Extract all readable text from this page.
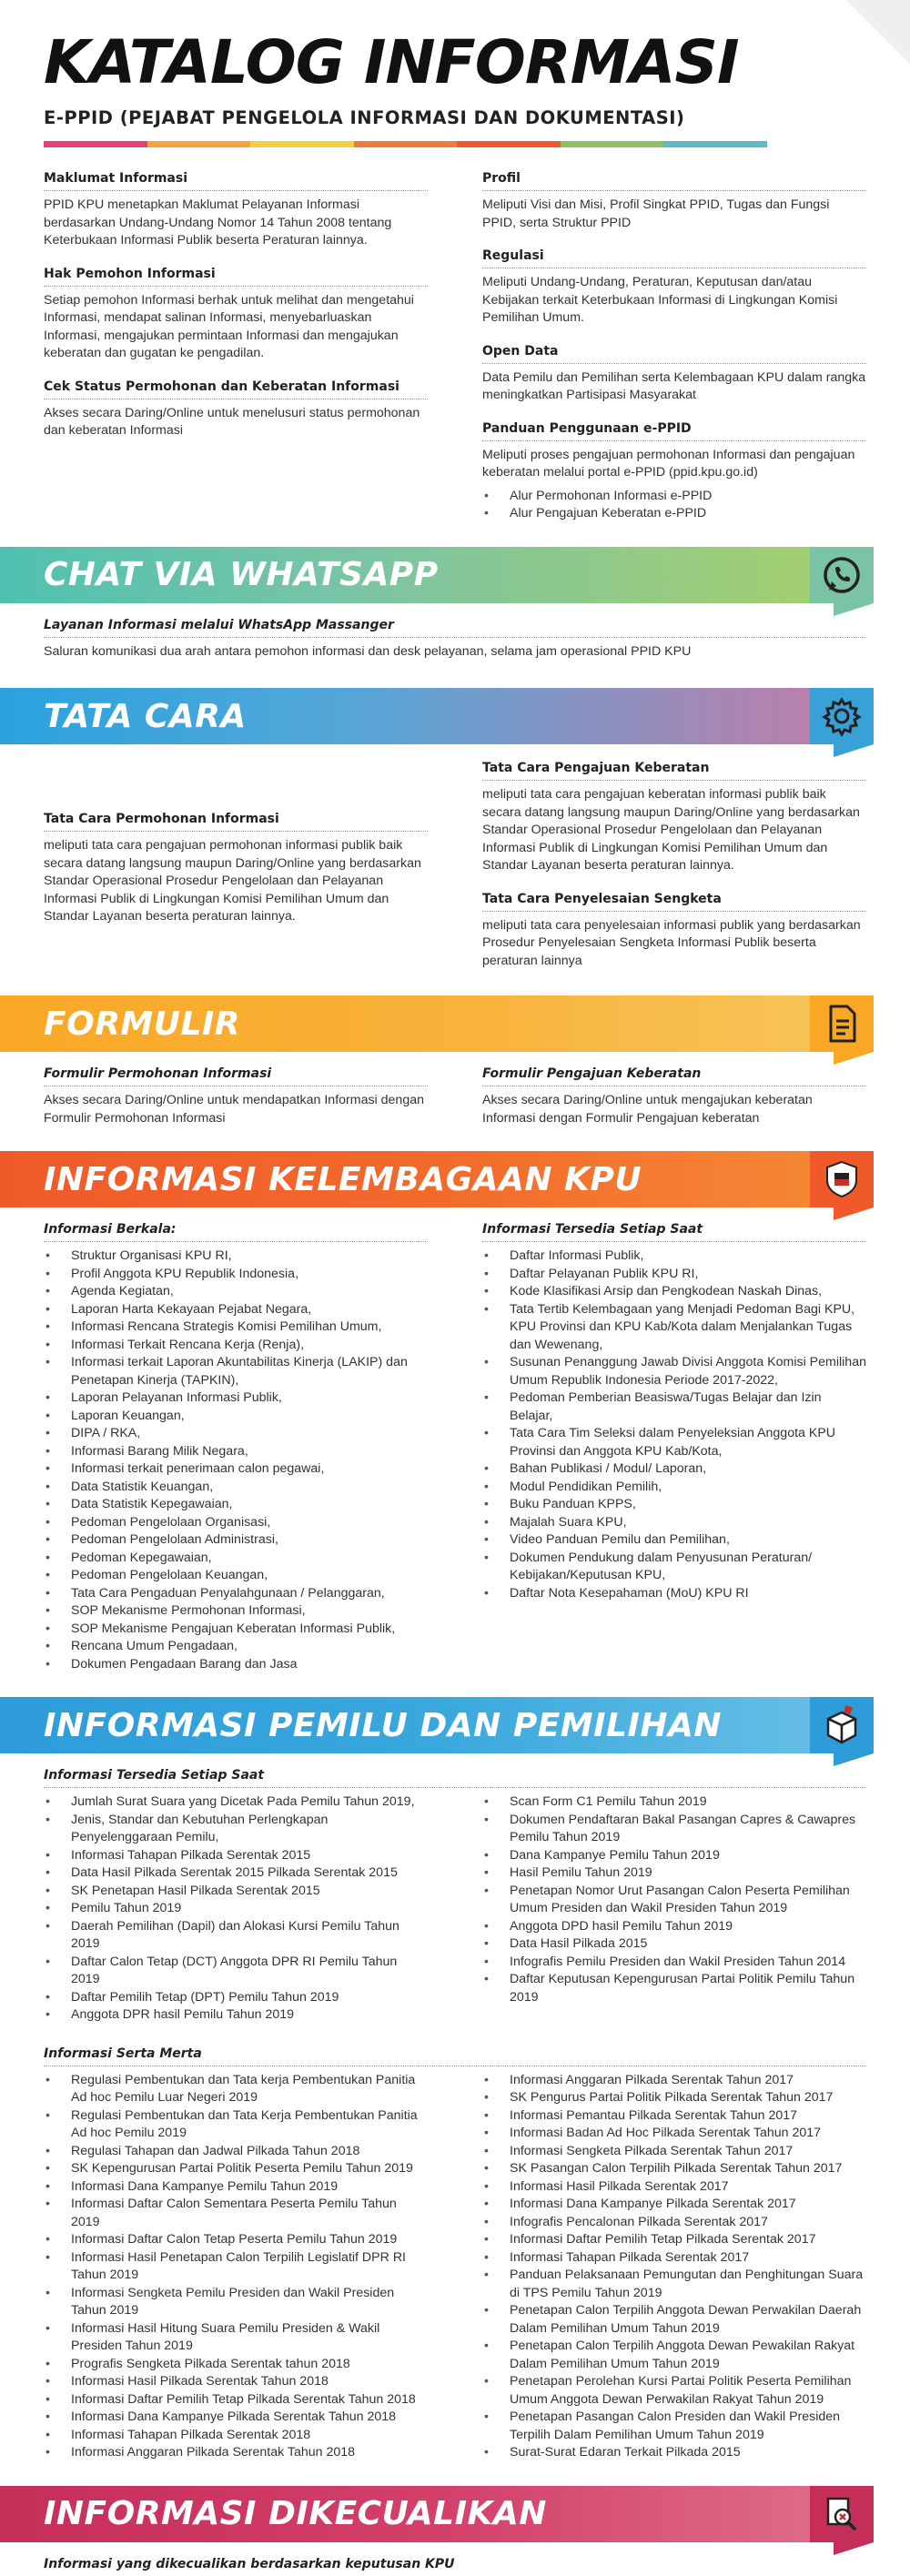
KATALOG INFORMASI
E-PPID (PEJABAT PENGELOLA INFORMASI DAN DOKUMENTASI)
Maklumat Informasi
PPID KPU menetapkan Maklumat Pelayanan Informasi berdasarkan Undang-Undang Nomor 14 Tahun 2008 tentang Keterbukaan Informasi Publik beserta Peraturan lainnya.
Hak Pemohon Informasi
Setiap pemohon Informasi berhak untuk melihat dan mengetahui Informasi, mendapat salinan Informasi, menyebarluaskan Informasi, mengajukan permintaan Informasi dan mengajukan keberatan dan gugatan ke pengadilan.
Cek Status Permohonan dan Keberatan Informasi
Akses secara Daring/Online untuk menelusuri status permohonan dan keberatan Informasi
Profil
Meliputi Visi dan Misi, Profil Singkat PPID, Tugas dan Fungsi PPID, serta Struktur PPID
Regulasi
Meliputi Undang-Undang, Peraturan, Keputusan dan/atau Kebijakan terkait Keterbukaan Informasi di Lingkungan Komisi Pemilihan Umum.
Open Data
Data Pemilu dan Pemilihan serta Kelembagaan KPU dalam rangka meningkatkan Partisipasi Masyarakat
Panduan Penggunaan e-PPID
Meliputi proses pengajuan permohonan Informasi dan pengajuan keberatan melalui portal e-PPID (ppid.kpu.go.id)
• Alur Permohonan Informasi e-PPID
• Alur Pengajuan Keberatan e-PPID
CHAT VIA WHATSAPP
Layanan Informasi melalui WhatsApp Massanger
Saluran komunikasi dua arah antara pemohon informasi dan desk pelayanan, selama jam operasional PPID KPU
TATA CARA
Tata Cara Permohonan Informasi
meliputi tata cara pengajuan permohonan informasi publik baik secara datang langsung maupun Daring/Online yang berdasarkan Standar Operasional Prosedur Pengelolaan dan Pelayanan Informasi Publik di Lingkungan Komisi Pemilihan Umum dan Standar Layanan beserta peraturan lainnya.
Tata Cara Pengajuan Keberatan
meliputi tata cara pengajuan keberatan informasi publik baik secara datang langsung maupun Daring/Online yang berdasarkan Standar Operasional Prosedur Pengelolaan dan Pelayanan Informasi Publik di Lingkungan Komisi Pemilihan Umum dan Standar Layanan beserta peraturan lainnya.
Tata Cara Penyelesaian Sengketa
meliputi tata cara penyelesaian informasi publik yang berdasarkan Prosedur Penyelesaian Sengketa Informasi Publik beserta peraturan lainnya
FORMULIR
Formulir Permohonan Informasi
Akses secara Daring/Online untuk mendapatkan Informasi dengan Formulir Permohonan Informasi
Formulir Pengajuan Keberatan
Akses secara Daring/Online untuk mengajukan keberatan Informasi dengan Formulir Pengajuan keberatan
INFORMASI KELEMBAGAAN KPU
Informasi Berkala:
• Struktur Organisasi KPU RI,
• Profil Anggota KPU Republik Indonesia,
• Agenda Kegiatan,
• Laporan Harta Kekayaan Pejabat Negara,
• Informasi Rencana Strategis Komisi Pemilihan Umum,
• Informasi Terkait Rencana Kerja (Renja),
• Informasi terkait Laporan Akuntabilitas Kinerja (LAKIP) dan Penetapan Kinerja (TAPKIN),
• Laporan Pelayanan Informasi Publik,
• Laporan Keuangan,
• DIPA / RKA,
• Informasi Barang Milik Negara,
• Informasi terkait penerimaan calon pegawai,
• Data Statistik Keuangan,
• Data Statistik Kepegawaian,
• Pedoman Pengelolaan Organisasi,
• Pedoman Pengelolaan Administrasi,
• Pedoman Kepegawaian,
• Pedoman Pengelolaan Keuangan,
• Tata Cara Pengaduan Penyalahgunaan / Pelanggaran,
• SOP Mekanisme Permohonan Informasi,
• SOP Mekanisme Pengajuan Keberatan Informasi Publik,
• Rencana Umum Pengadaan,
• Dokumen Pengadaan Barang dan Jasa
Informasi Tersedia Setiap Saat
• Daftar Informasi Publik,
• Daftar Pelayanan Publik KPU RI,
• Kode Klasifikasi Arsip dan Pengkodean Naskah Dinas,
• Tata Tertib Kelembagaan yang Menjadi Pedoman Bagi KPU, KPU Provinsi dan KPU Kab/Kota dalam Menjalankan Tugas dan Wewenang,
• Susunan Penanggung Jawab Divisi Anggota Komisi Pemilihan Umum Republik Indonesia Periode 2017-2022,
• Pedoman Pemberian Beasiswa/Tugas Belajar dan Izin Belajar,
• Tata Cara Tim Seleksi dalam Penyeleksian Anggota KPU Provinsi dan Anggota KPU Kab/Kota,
• Bahan Publikasi / Modul/ Laporan,
• Modul Pendidikan Pemilih,
• Buku Panduan KPPS,
• Majalah Suara KPU,
• Video Panduan Pemilu dan Pemilihan,
• Dokumen Pendukung dalam Penyusunan Peraturan/ Kebijakan/Keputusan KPU,
• Daftar Nota Kesepahaman (MoU) KPU RI
INFORMASI PEMILU DAN PEMILIHAN
Informasi Tersedia Setiap Saat
• Jumlah Surat Suara yang Dicetak Pada Pemilu Tahun 2019,
• Jenis, Standar dan Kebutuhan Perlengkapan Penyelenggaraan Pemilu,
• Informasi Tahapan Pilkada Serentak 2015
• Data Hasil Pilkada Serentak 2015 Pilkada Serentak 2015
• SK Penetapan Hasil Pilkada Serentak 2015
• Pemilu Tahun 2019
• Daerah Pemilihan (Dapil) dan Alokasi Kursi Pemilu Tahun 2019
• Daftar Calon Tetap (DCT) Anggota DPR RI Pemilu Tahun 2019
• Daftar Pemilih Tetap (DPT) Pemilu Tahun 2019
• Anggota DPR hasil Pemilu Tahun 2019
• Scan Form C1 Pemilu Tahun 2019
• Dokumen Pendaftaran Bakal Pasangan Capres & Cawapres Pemilu Tahun 2019
• Dana Kampanye Pemilu Tahun 2019
• Hasil Pemilu Tahun 2019
• Penetapan Nomor Urut Pasangan Calon Peserta Pemilihan Umum Presiden dan Wakil Presiden Tahun 2019
• Anggota DPD hasil Pemilu Tahun 2019
• Data Hasil Pilkada 2015
• Infografis Pemilu Presiden dan Wakil Presiden Tahun 2014
• Daftar Keputusan Kepengurusan Partai Politik Pemilu Tahun 2019
Informasi Serta Merta
• Regulasi Pembentukan dan Tata kerja Pembentukan Panitia Ad hoc Pemilu Luar Negeri 2019
• Regulasi Pembentukan dan Tata Kerja Pembentukan Panitia Ad hoc Pemilu 2019
• Regulasi Tahapan dan Jadwal Pilkada Tahun 2018
• SK Kepengurusan Partai Politik Peserta Pemilu Tahun 2019
• Informasi Dana Kampanye Pemilu Tahun 2019
• Informasi Daftar Calon Sementara Peserta Pemilu Tahun 2019
• Informasi Daftar Calon Tetap Peserta Pemilu Tahun 2019
• Informasi Hasil Penetapan Calon Terpilih Legislatif DPR RI Tahun 2019
• Informasi Sengketa Pemilu Presiden dan Wakil Presiden Tahun 2019
• Informasi Hasil Hitung Suara Pemilu Presiden & Wakil Presiden Tahun 2019
• Prografis Sengketa Pilkada Serentak tahun 2018
• Informasi Hasil Pilkada Serentak Tahun 2018
• Informasi Daftar Pemilih Tetap Pilkada Serentak Tahun 2018
• Informasi Dana Kampanye Pilkada Serentak Tahun 2018
• Informasi Tahapan Pilkada Serentak 2018
• Informasi Anggaran Pilkada Serentak Tahun 2018
• Informasi Anggaran Pilkada Serentak Tahun 2017
• SK Pengurus Partai Politik Pilkada Serentak Tahun 2017
• Informasi Pemantau Pilkada Serentak Tahun 2017
• Informasi Badan Ad Hoc Pilkada Serentak Tahun 2017
• Informasi Sengketa Pilkada Serentak Tahun 2017
• SK Pasangan Calon Terpilih Pilkada Serentak Tahun 2017
• Informasi Hasil Pilkada Serentak 2017
• Informasi Dana Kampanye Pilkada Serentak 2017
• Infografis Pencalonan Pilkada Serentak 2017
• Informasi Daftar Pemilih Tetap Pilkada Serentak 2017
• Informasi Tahapan Pilkada Serentak 2017
• Panduan Pelaksanaan Pemungutan dan Penghitungan Suara di TPS Pemilu Tahun 2019
• Penetapan Calon Terpilih Anggota Dewan Perwakilan Daerah Dalam Pemilihan Umum Tahun 2019
• Penetapan Calon Terpilih Anggota Dewan Pewakilan Rakyat Dalam Pemilihan Umum Tahun 2019
• Penetapan Perolehan Kursi Partai Politik Peserta Pemilihan Umum Anggota Dewan Perwakilan Rakyat Tahun 2019
• Penetapan Pasangan Calon Presiden dan Wakil Presiden Terpilih Dalam Pemilihan Umum Tahun 2019
• Surat-Surat Edaran Terkait Pilkada 2015
INFORMASI DIKECUALIKAN
Informasi yang dikecualikan berdasarkan keputusan KPU
